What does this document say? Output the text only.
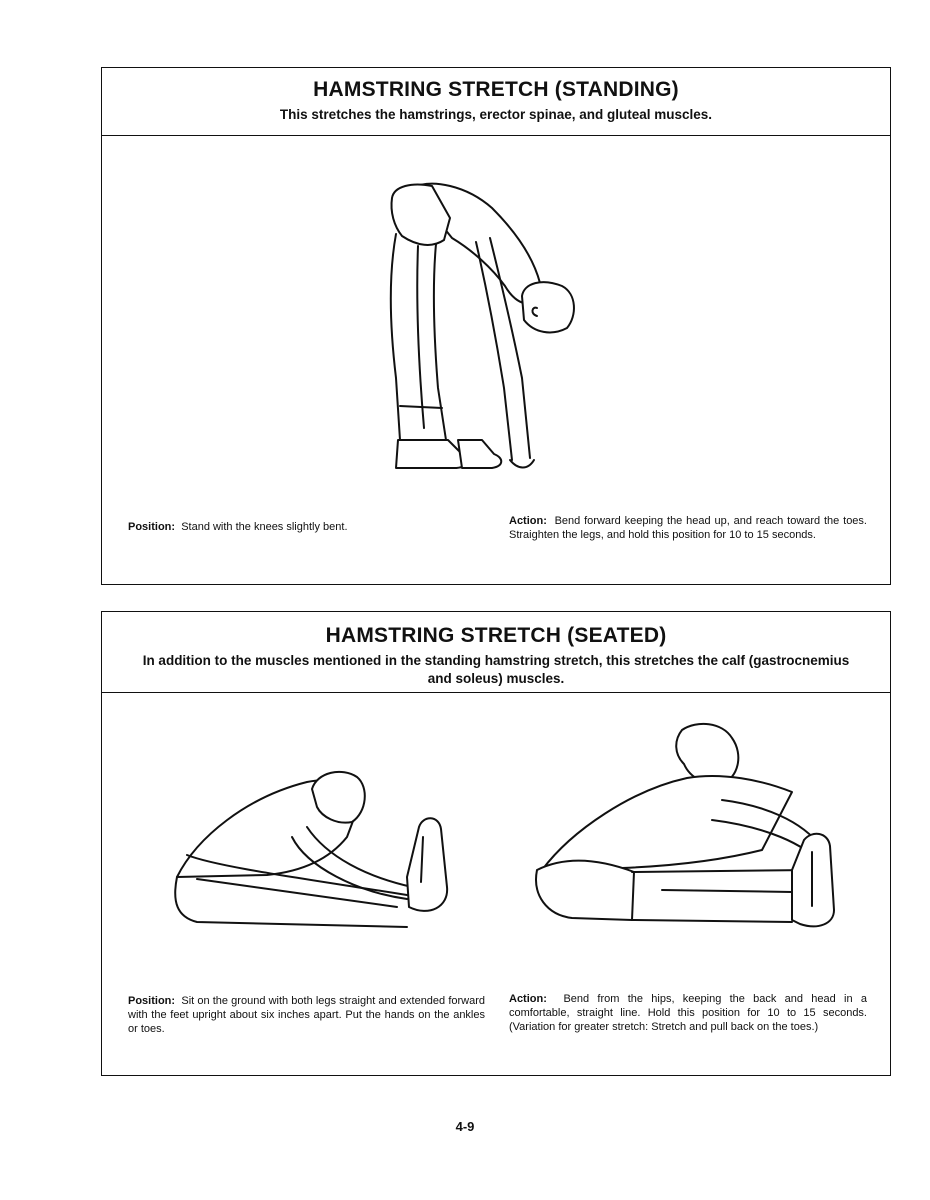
HAMSTRING STRETCH (STANDING)
This stretches the hamstrings, erector spinae, and gluteal muscles.
Position: Stand with the knees slightly bent.	Action: Bend forward keeping the head up, and reach toward the toes. Straighten the legs, and hold this position for 10 to 15 seconds.
HAMSTRING STRETCH (SEATED)
In addition to the muscles mentioned in the standing hamstring stretch, this stretches the calf (gastrocnemius and soleus) muscles.
Position: Sit on the ground with both legs straight and extended forward with the feet upright about six inches apart. Put the hands on the ankles or toes.
Action: Bend from the hips, keeping the back and head in a comfortable, straight line. Hold this position for 10 to 15 seconds. (Variation for greater stretch: Stretch and pull back on the toes.)
4-9
